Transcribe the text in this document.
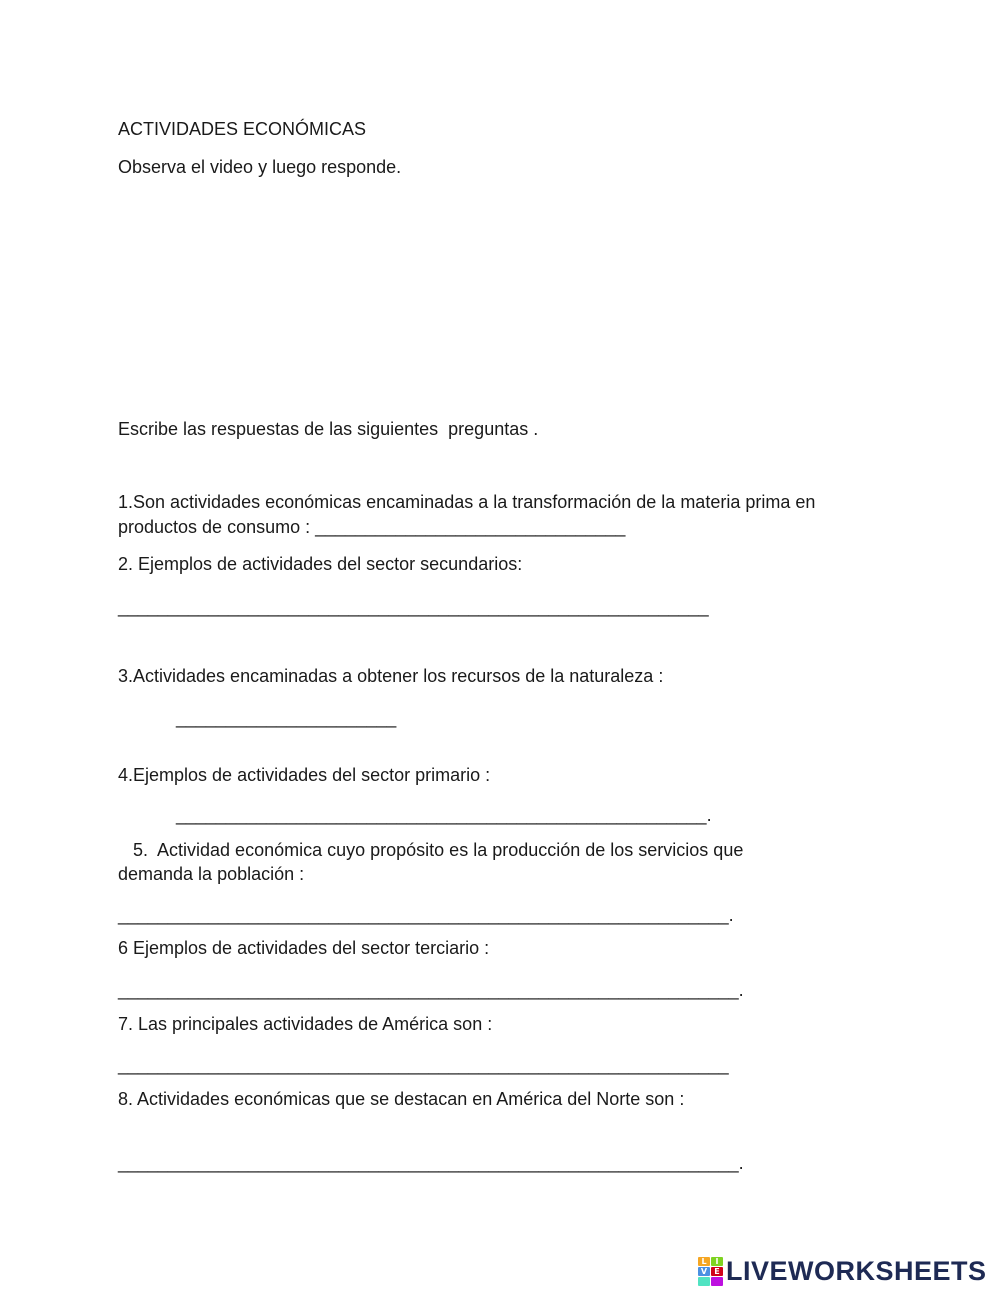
ACTIVIDADES ECONÓMICAS
Observa el video y luego responde.
Escribe las respuestas de las siguientes  preguntas .
1.Son actividades económicas encaminadas a la transformación de la materia prima en
productos de consumo : _______________________________
2. Ejemplos de actividades del sector secundarios:
___________________________________________________________
3.Actividades encaminadas a obtener los recursos de la naturaleza :
______________________
4.Ejemplos de actividades del sector primario :
_____________________________________________________.
5.  Actividad económica cuyo propósito es la producción de los servicios que
demanda la población :
_____________________________________________________________.
6 Ejemplos de actividades del sector terciario :
______________________________________________________________.
7. Las principales actividades de América son :
_____________________________________________________________
8. Actividades económicas que se destacan en América del Norte son :
______________________________________________________________.
L	I
V E LIVEWORKSHEETS
